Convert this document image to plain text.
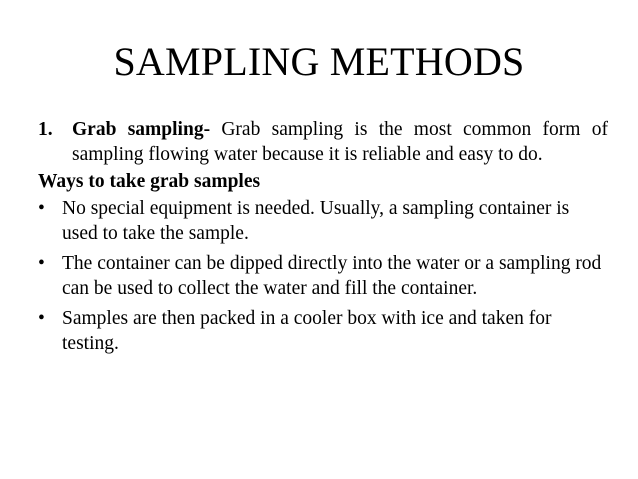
SAMPLING METHODS
1. Grab sampling- Grab sampling is the most common form of sampling flowing water because it is reliable and easy to do.
Ways to take grab samples
• No special equipment is needed. Usually, a sampling container is used to take the sample.
• The container can be dipped directly into the water or a sampling rod can be used to collect the water and fill the container.
• Samples are then packed in a cooler box with ice and taken for testing.
